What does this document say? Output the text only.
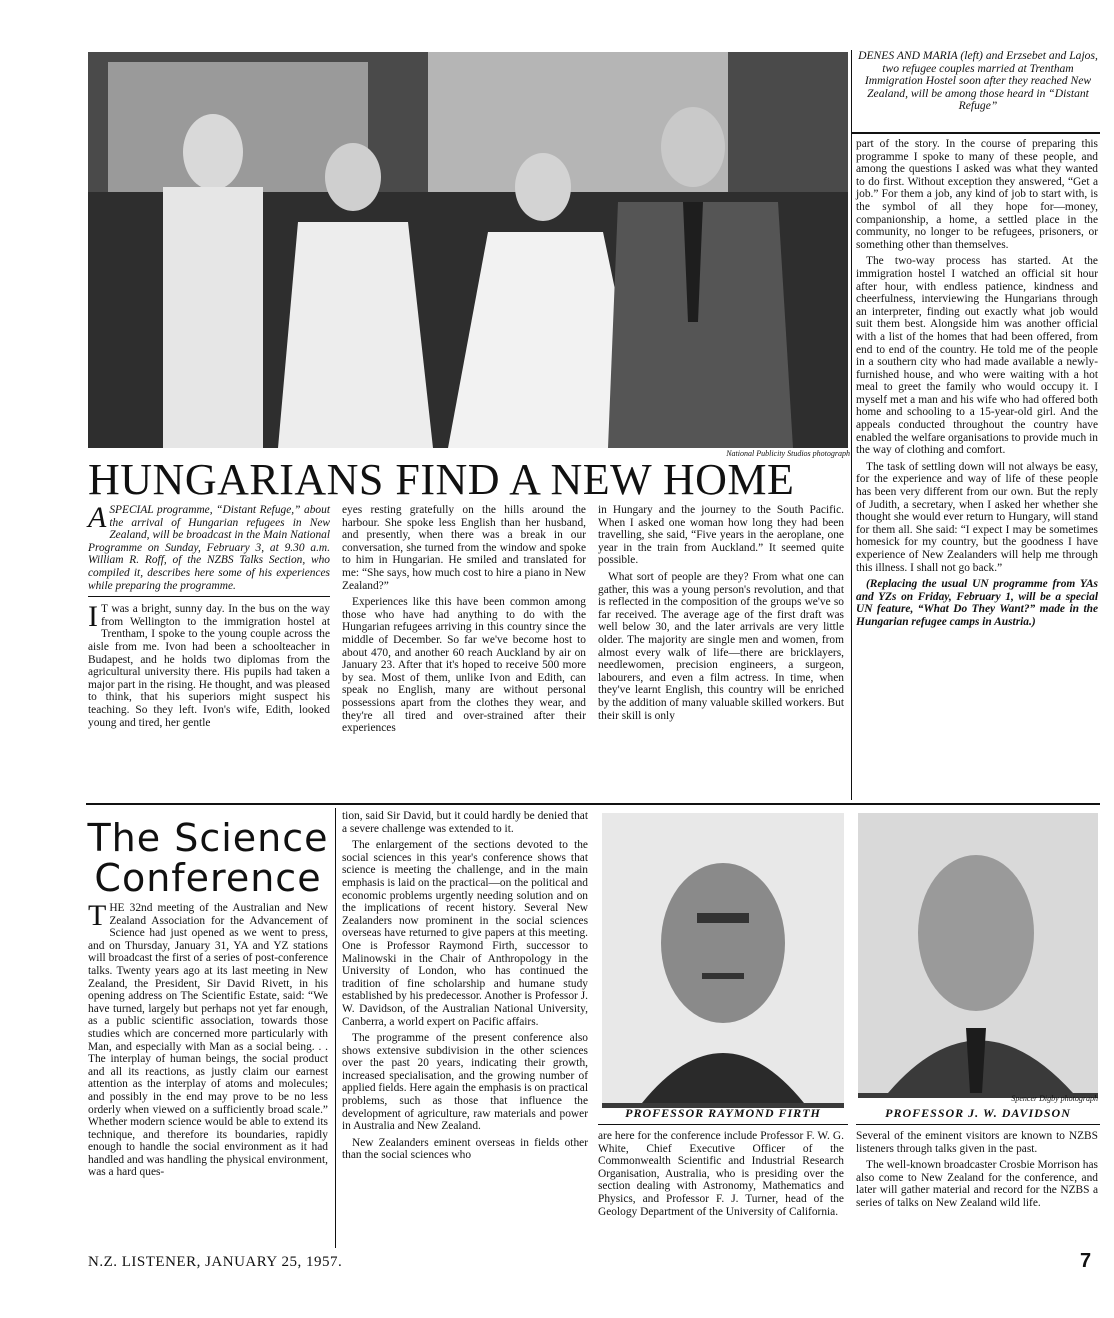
National Publicity Studios photograph
DENES AND MARIA (left) and Erzsebet and Lajos, two refugee couples married at Trentham Immigration Hostel soon after they reached New Zealand, will be among those heard in “Distant Refuge”
HUNGARIANS FIND A NEW HOME

ASPECIAL programme, “Distant Refuge,” about the arrival of Hungarian refugees in New Zealand, will be broadcast in the Main National Programme on Sunday, February 3, at 9.30 a.m. William R. Roff, of the NZBS Talks Section, who compiled it, describes here some of his experiences while preparing the programme.

I T was a bright, sunny day. In the bus on the way from Wellington to the immigration hostel at Trentham, I spoke to the young couple across the aisle from me. Ivon had been a schoolteacher in Budapest, and he holds two diplomas from the agricultural university there. His pupils had taken a major part in the rising. He thought, and was pleased to think, that his superiors might suspect his teaching. So they left. Ivon's wife, Edith, looked young and tired, her gentle

eyes resting gratefully on the hills around the harbour. She spoke less English than her husband, and presently, when there was a break in our conversation, she turned from the window and spoke to him in Hungarian. He smiled and translated for me: “She says, how much cost to hire a piano in New Zealand?”

Experiences like this have been common among those who have had anything to do with the Hungarian refugees arriving in this country since the middle of December. So far we've become host to about 470, and another 60 reach Auckland by air on January 23. After that it's hoped to receive 500 more by sea. Most of them, unlike Ivon and Edith, can speak no English, many are without personal possessions apart from the clothes they wear, and they're all tired and over-strained after their experiences

in Hungary and the journey to the South Pacific. When I asked one woman how long they had been travelling, she said, “Five years in the aeroplane, one year in the train from Auckland.” It seemed quite possible.

What sort of people are they? From what one can gather, this was a young person's revolution, and that is reflected in the composition of the groups we've so far received. The average age of the first draft was well below 30, and the later arrivals are very little older. The majority are single men and women, from almost every walk of life—there are bricklayers, needlewomen, precision engineers, a surgeon, labourers, and even a film actress. In time, when they've learnt English, this country will be enriched by the addition of many valuable skilled workers. But their skill is only

part of the story. In the course of preparing this programme I spoke to many of these people, and among the questions I asked was what they wanted to do first. Without exception they answered, “Get a job.” For them a job, any kind of job to start with, is the symbol of all they hope for—money, companionship, a home, a settled place in the community, no longer to be refugees, prisoners, or something other than themselves.

The two-way process has started. At the immigration hostel I watched an official sit hour after hour, with endless patience, kindness and cheerfulness, interviewing the Hungarians through an interpreter, finding out exactly what job would suit them best. Alongside him was another official with a list of the homes that had been offered, from end to end of the country. He told me of the people in a southern city who had made available a newly-furnished house, and who were waiting with a hot meal to greet the family who would occupy it. I myself met a man and his wife who had offered both home and schooling to a 15-year-old girl. And the appeals conducted throughout the country have enabled the welfare organisations to provide much in the way of clothing and comfort.

The task of settling down will not always be easy, for the experience and way of life of these people has been very different from our own. But the reply of Judith, a secretary, when I asked her whether she thought she would ever return to Hungary, will stand for them all. She said: “I expect I may be sometimes homesick for my country, but the goodness I have experience of New Zealanders will help me through this illness. I shall not go back.”

(Replacing the usual UN programme from YAs and YZs on Friday, February 1, will be a special UN feature, “What Do They Want?” made in the Hungarian refugee camps in Austria.)

The Science
Conference

THE 32nd meeting of the Australian and New Zealand Association for the Advancement of Science had just opened as we went to press, and on Thursday, January 31, YA and YZ stations will broadcast the first of a series of post-conference talks. Twenty years ago at its last meeting in New Zealand, the President, Sir David Rivett, in his opening address on The Scientific Estate, said: “We have turned, largely but perhaps not yet far enough, as a public scientific association, towards those studies which are concerned more particularly with Man, and especially with Man as a social being. . . The interplay of human beings, the social product and all its reactions, as justly claim our earnest attention as the interplay of atoms and molecules; and possibly in the end may prove to be no less orderly when viewed on a sufficiently broad scale.” Whether modern science would be able to extend its technique, and therefore its boundaries, rapidly enough to handle the social environment as it had handled and was handling the physical environment, was a hard ques-

tion, said Sir David, but it could hardly be denied that a severe challenge was extended to it.

The enlargement of the sections devoted to the social sciences in this year's conference shows that science is meeting the challenge, and in the main emphasis is laid on the practical—on the political and economic problems urgently needing solution and on the implications of recent history. Several New Zealanders now prominent in the social sciences overseas have returned to give papers at this meeting. One is Professor Raymond Firth, successor to Malinowski in the Chair of Anthropology in the University of London, who has continued the tradition of fine scholarship and humane study established by his predecessor. Another is Professor J. W. Davidson, of the Australian National University, Canberra, a world expert on Pacific affairs.

The programme of the present conference also shows extensive subdivision in the other sciences over the past 20 years, indicating their growth, increased specialisation, and the growing number of applied fields. Here again the emphasis is on practical problems, such as those that influence the development of agriculture, raw materials and power in Australia and New Zealand.

New Zealanders eminent overseas in fields other than the social sciences who

PROFESSOR RAYMOND FIRTH

are here for the conference include Professor F. W. G. White, Chief Executive Officer of the Commonwealth Scientific and Industrial Research Organisation, Australia, who is presiding over the section dealing with Astronomy, Mathematics and Physics, and Professor F. J. Turner, head of the Geology Department of the University of California.

Spencer Digby photograph
PROFESSOR J. W. DAVIDSON

Several of the eminent visitors are known to NZBS listeners through talks given in the past.

The well-known broadcaster Crosbie Morrison has also come to New Zealand for the conference, and later will gather material and record for the NZBS a series of talks on New Zealand wild life.

N.Z. LISTENER, JANUARY 25, 1957.	7
